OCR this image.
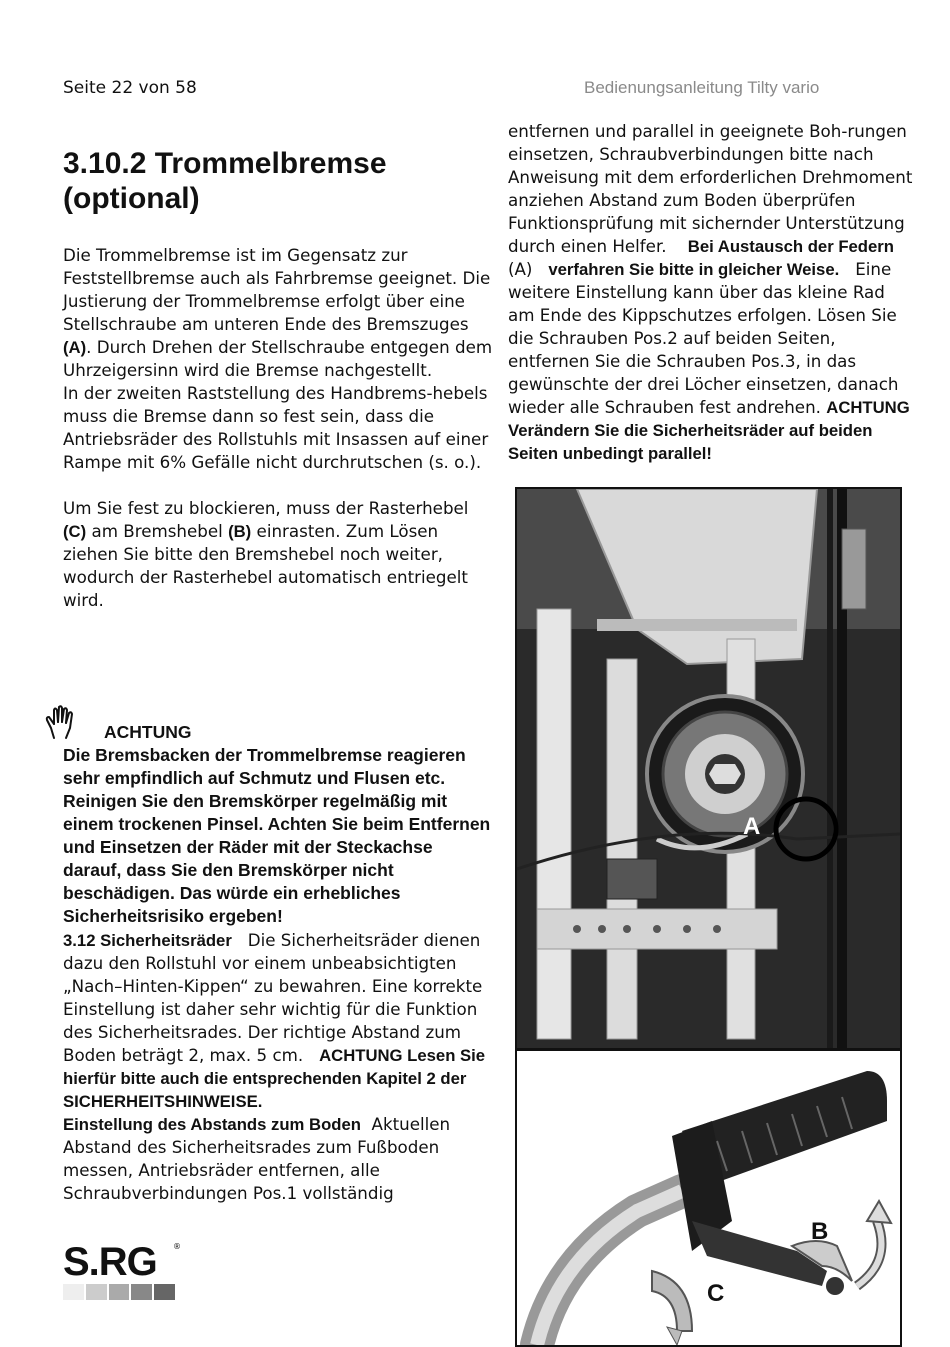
Seite 22 von 58	Bedienungsanleitung Tilty vario
3.10.2 Trommelbremse (optional)

Die Trommelbremse ist im Gegensatz zur Feststellbremse auch als Fahrbremse geeignet. Die Justierung der Trommelbremse erfolgt über eine Stellschraube am unteren Ende des Bremszuges (A). Durch Drehen der Stellschraube entgegen dem Uhrzeigersinn wird die Bremse nachgestellt.

In der zweiten Raststellung des Handbrems-hebels muss die Bremse dann so fest sein, dass die Antriebsräder des Rollstuhls mit Insassen auf einer Rampe mit 6% Gefälle nicht durchrutschen (s. o.).

Um Sie fest zu blockieren, muss der Rasterhebel (C) am Bremshebel (B) einrasten. Zum Lösen ziehen Sie bitte den Bremshebel noch weiter, wodurch der Rasterhebel automatisch entriegelt wird.

ACHTUNG
Die Bremsbacken der Trommelbremse reagieren sehr empfindlich auf Schmutz und Flusen etc. Reinigen Sie den Bremskörper regelmäßig mit einem trockenen Pinsel. Achten Sie beim Entfernen und Einsetzen der Räder mit der Steckachse darauf, dass Sie den Bremskörper nicht beschädigen. Das würde ein erhebliches Sicherheitsrisiko ergeben!

3.12 Sicherheitsräder Die Sicherheitsräder dienen dazu den Rollstuhl vor einem unbeabsichtigten „Nach–Hinten-Kippen“ zu bewahren. Eine korrekte Einstellung ist daher sehr wichtig für die Funktion des Sicherheitsrades. Der richtige Abstand zum Boden beträgt 2, max. 5 cm. ACHTUNG Lesen Sie hierfür bitte auch die entsprechenden Kapitel 2 der SICHERHEITSHINWEISE.

Einstellung des Abstands zum Boden Aktuellen Abstand des Sicherheitsrades zum Fußboden messen, Antriebsräder entfernen, alle Schraubverbindungen Pos.1 vollständig

entfernen und parallel in geeignete Boh-rungen einsetzen, Schraubverbindungen bitte nach Anweisung mit dem erforderlichen Drehmoment anziehen Abstand zum Boden überprüfen Funktionsprüfung mit sichernder Unterstützung durch einen Helfer. Bei Austausch der Federn (A) verfahren Sie bitte in gleicher Weise. Eine weitere Einstellung kann über das kleine Rad am Ende des Kippschutzes erfolgen. Lösen Sie die Schrauben Pos.2 auf beiden Seiten, entfernen Sie die Schrauben Pos.3, in das gewünschte der drei Löcher einsetzen, danach wieder alle Schrauben fest andrehen. ACHTUNG Verändern Sie die Sicherheitsräder auf beiden Seiten unbedingt parallel!

A
B
C
S.RG ®
